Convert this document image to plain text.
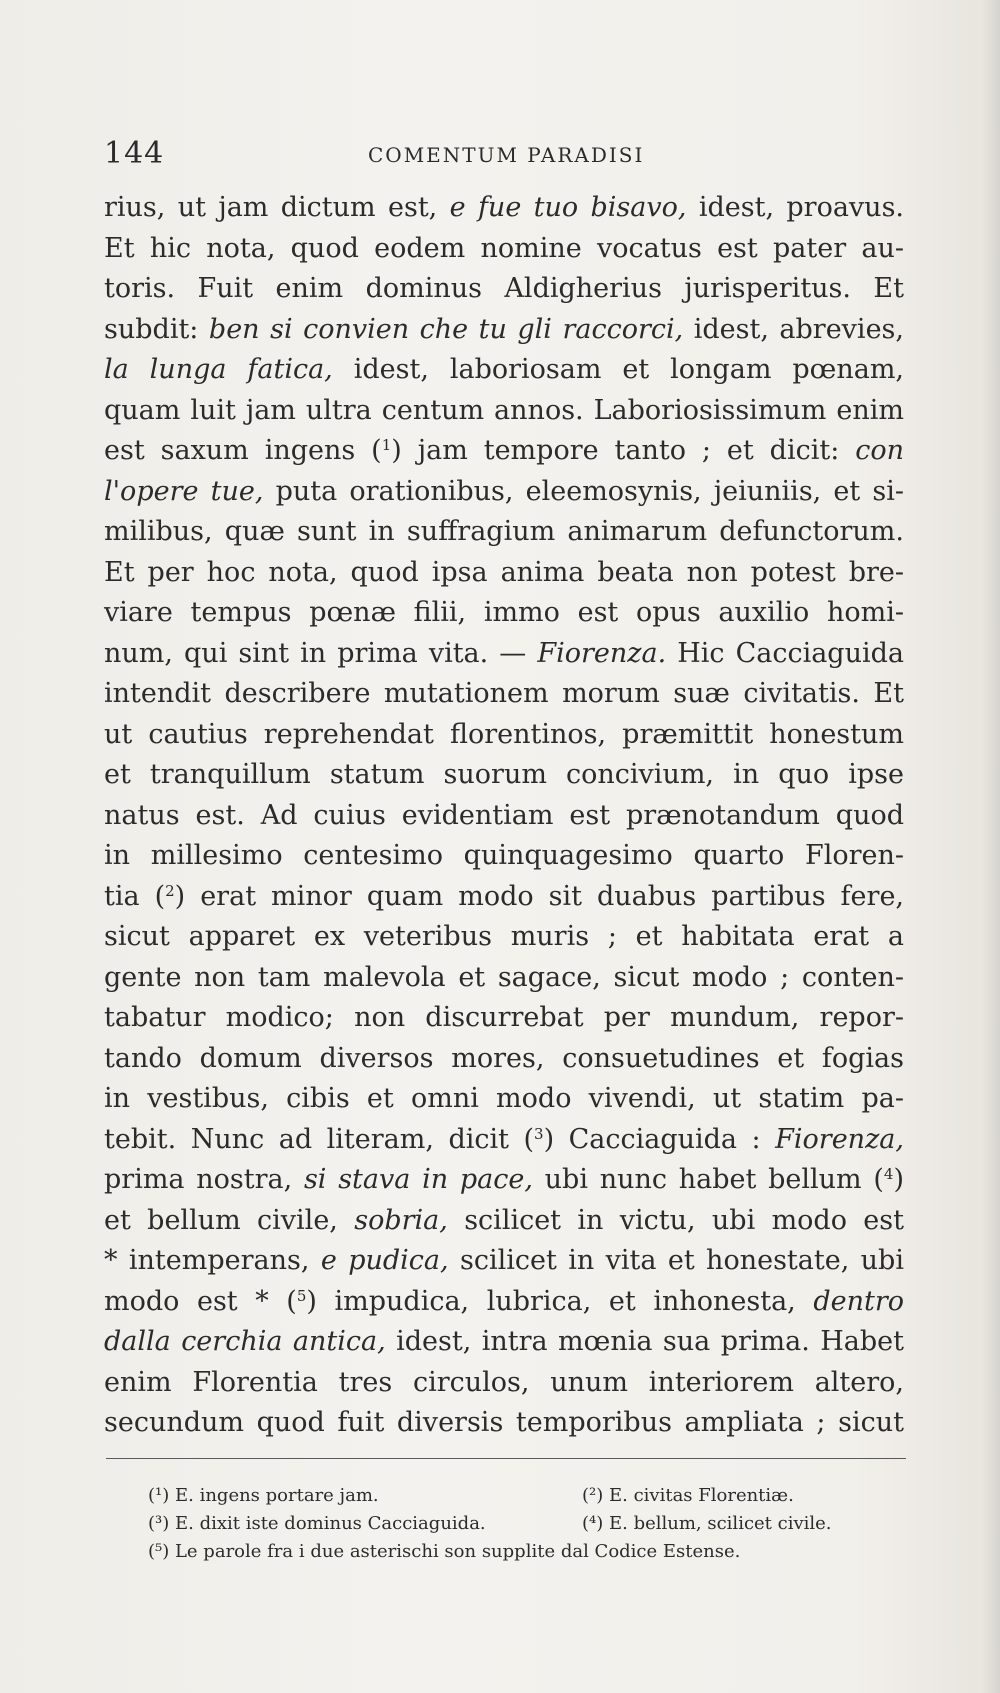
144	COMENTUM PARADISI
rius, ut jam dictum est, e fue tuo bisavo, idest, proavus.
Et hic nota, quod eodem nomine vocatus est pater au-
toris. Fuit enim dominus Aldigherius jurisperitus. Et
subdit: ben si convien che tu gli raccorci, idest, abrevies,
la lunga fatica, idest, laboriosam et longam pœnam,
quam luit jam ultra centum annos. Laboriosissimum enim
est saxum ingens ($^1$) jam tempore tanto ; et dicit: con
l'opere tue, puta orationibus, eleemosynis, jeiuniis, et si-
milibus, quæ sunt in suffragium animarum defunctorum.
Et per hoc nota, quod ipsa anima beata non potest bre-
viare tempus pœnæ filii, immo est opus auxilio homi-
num, qui sint in prima vita. — Fiorenza. Hic Cacciaguida
intendit describere mutationem morum suæ civitatis. Et
ut cautius reprehendat florentinos, præmittit honestum
et tranquillum statum suorum concivium, in quo ipse
natus est. Ad cuius evidentiam est prænotandum quod
in millesimo centesimo quinquagesimo quarto Floren-
tia ($^2$) erat minor quam modo sit duabus partibus fere,
sicut apparet ex veteribus muris ; et habitata erat a
gente non tam malevola et sagace, sicut modo ; conten-
tabatur modico; non discurrebat per mundum, repor-
tando domum diversos mores, consuetudines et fogias
in vestibus, cibis et omni modo vivendi, ut statim pa-
tebit. Nunc ad literam, dicit ($^3$) Cacciaguida : Fiorenza,
prima nostra, si stava in pace, ubi nunc habet bellum ($^4$)
et bellum civile, sobria, scilicet in victu, ubi modo est
* intemperans, e pudica, scilicet in vita et honestate, ubi
modo est * ($^5$) impudica, lubrica, et inhonesta, dentro
dalla cerchia antica, idest, intra mœnia sua prima. Habet
enim Florentia tres circulos, unum interiorem altero,
secundum quod fuit diversis temporibus ampliata ; sicut
(¹) E. ingens portare jam.	(²) E. civitas Florentiæ.
(³) E. dixit iste dominus Cacciaguida.	(⁴) E. bellum, scilicet civile.
(⁵) Le parole fra i due asterischi son supplite dal Codice Estense.
